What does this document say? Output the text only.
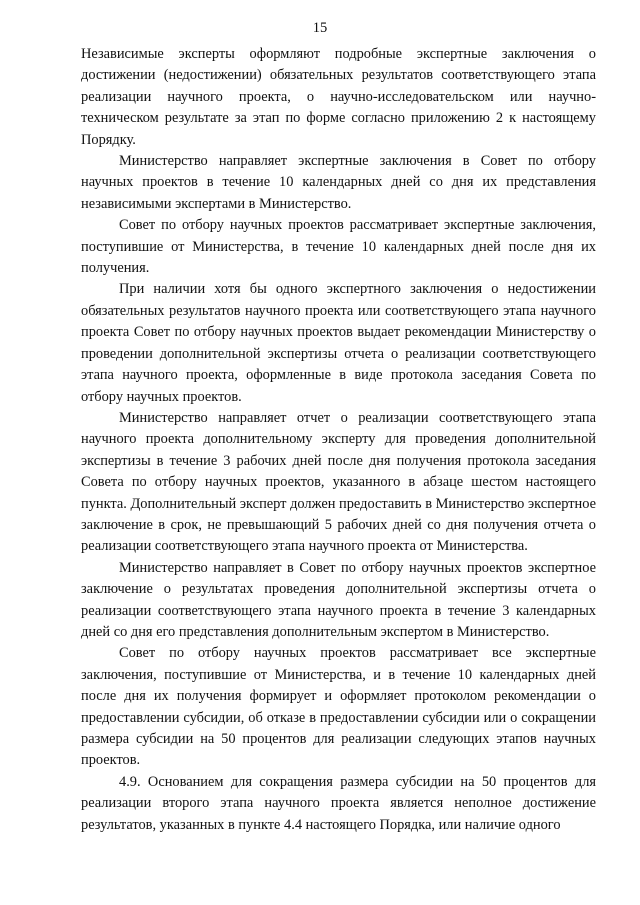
15

Независимые эксперты оформляют подробные экспертные заключения о достижении (недостижении) обязательных результатов соответствующего этапа реализации научного проекта, о научно-исследовательском или научно-техническом результате за этап по форме согласно приложению 2 к настоящему Порядку.

Министерство направляет экспертные заключения в Совет по отбору научных проектов в течение 10 календарных дней со дня их представления независимыми экспертами в Министерство.

Совет по отбору научных проектов рассматривает экспертные заключения, поступившие от Министерства, в течение 10 календарных дней после дня их получения.

При наличии хотя бы одного экспертного заключения о недостижении обязательных результатов научного проекта или соответствующего этапа научного проекта Совет по отбору научных проектов выдает рекомендации Министерству о проведении дополнительной экспертизы отчета о реализации соответствующего этапа научного проекта, оформленные в виде протокола заседания Совета по отбору научных проектов.

Министерство направляет отчет о реализации соответствующего этапа научного проекта дополнительному эксперту для проведения дополнительной экспертизы в течение 3 рабочих дней после дня получения протокола заседания Совета по отбору научных проектов, указанного в абзаце шестом настоящего пункта. Дополнительный эксперт должен предоставить в Министерство экспертное заключение в срок, не превышающий 5 рабочих дней со дня получения отчета о реализации соответствующего этапа научного проекта от Министерства.

Министерство направляет в Совет по отбору научных проектов экспертное заключение о результатах проведения дополнительной экспертизы отчета о реализации соответствующего этапа научного проекта в течение 3 календарных дней со дня его представления дополнительным экспертом в Министерство.

Совет по отбору научных проектов рассматривает все экспертные заключения, поступившие от Министерства, и в течение 10 календарных дней после дня их получения формирует и оформляет протоколом рекомендации о предоставлении субсидии, об отказе в предоставлении субсидии или о сокращении размера субсидии на 50 процентов для реализации следующих этапов научных проектов.

4.9. Основанием для сокращения размера субсидии на 50 процентов для реализации второго этапа научного проекта является неполное достижение результатов, указанных в пункте 4.4 настоящего Порядка, или наличие одного
